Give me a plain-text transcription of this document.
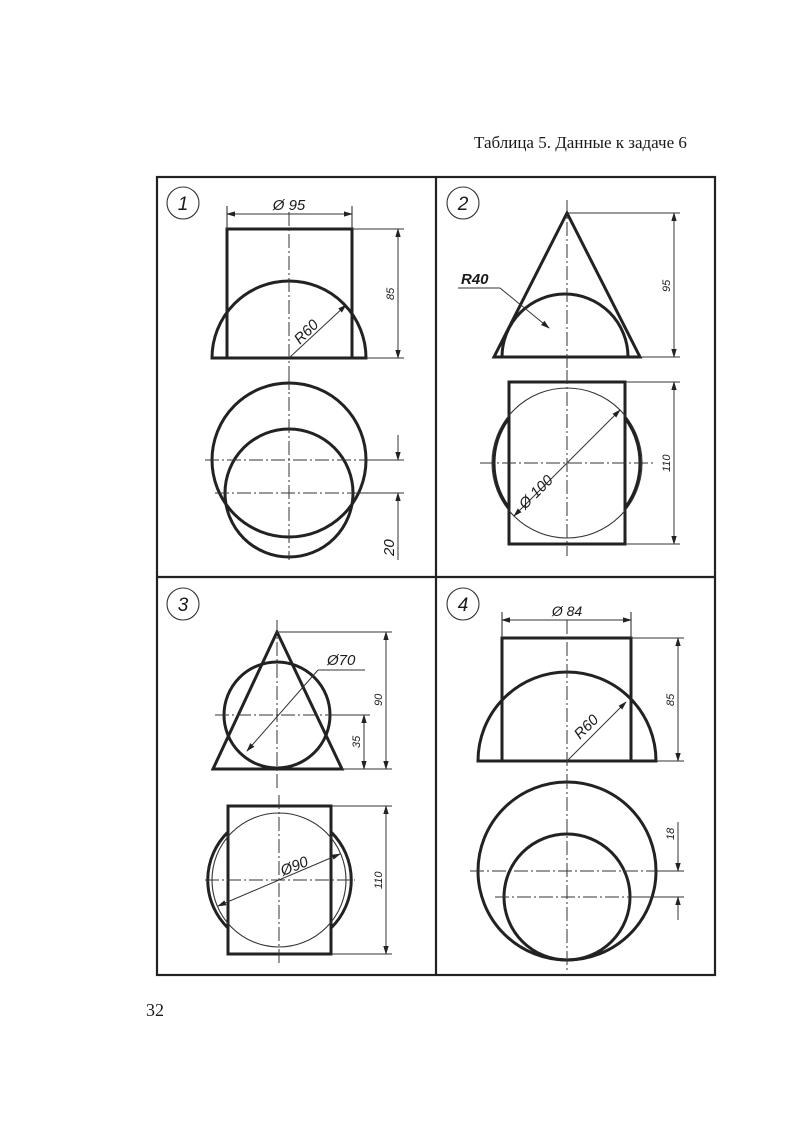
Таблица 5. Данные к задаче 6
1
R60
Ø 95
85
20
2
R40	95
Ø 100
110
3
Ø70
90
35
Ø90
110
4
R60
Ø 84
85
18
32
